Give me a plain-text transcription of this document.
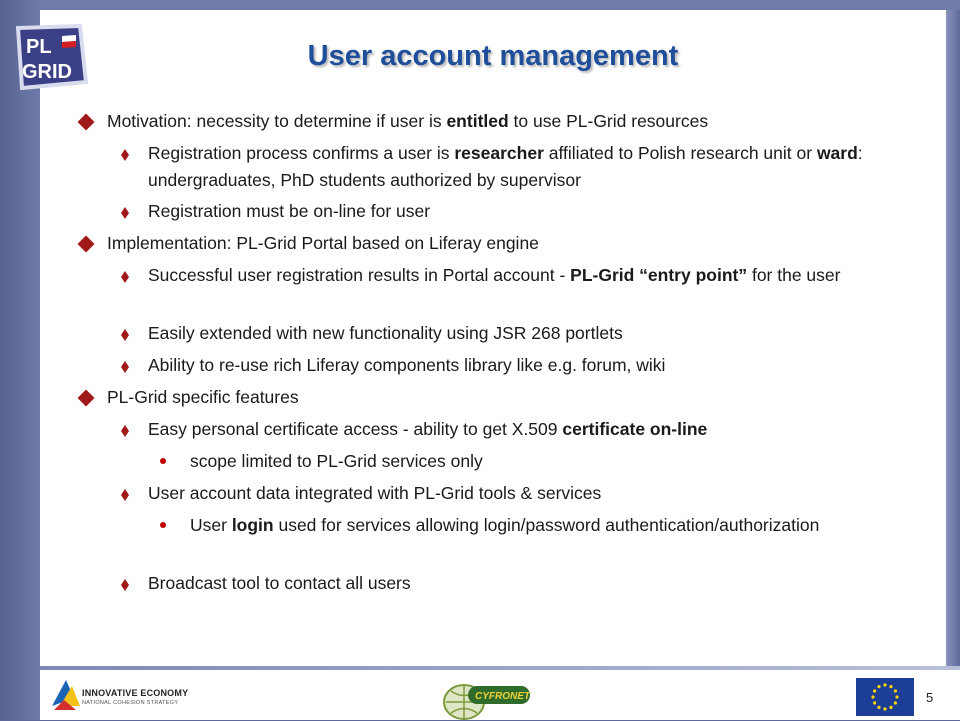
PL
GRID	User account management
Motivation: necessity to determine if user is entitled to use PL-Grid resources
Registration process confirms a user is researcher affiliated to Polish research unit or ward: undergraduates, PhD students authorized by supervisor
Registration must be on-line for user
Implementation: PL-Grid Portal based on Liferay engine
Successful user registration results in Portal account - PL-Grid “entry point” for the user
Easily extended with new functionality using JSR 268 portlets
Ability to re-use rich Liferay components library like e.g. forum, wiki
PL-Grid specific features
Easy personal certificate access - ability to get X.509 certificate on-line
scope limited to PL-Grid services only
User account data integrated with PL-Grid tools & services
User login used for services allowing login/password authentication/authorization
Broadcast tool to contact all users
INNOVATIVE ECONOMY
NATIONAL COHESION STRATEGY
CYFRONET	5
